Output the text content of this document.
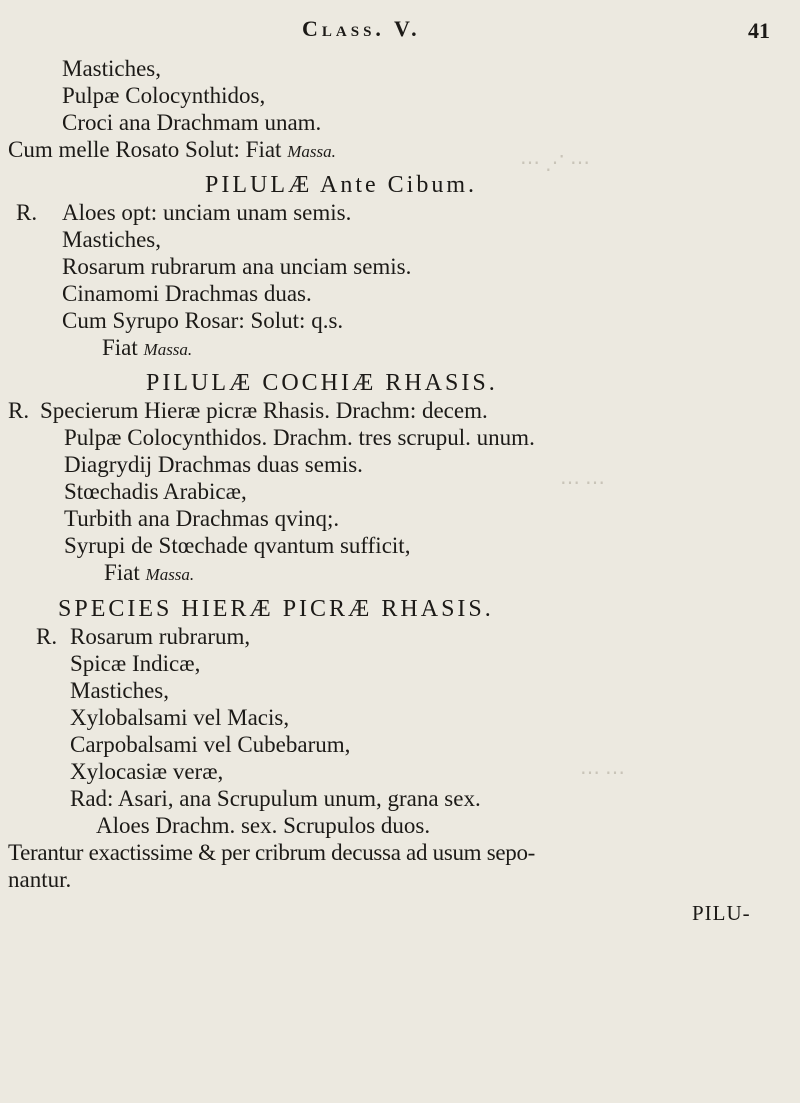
⋯ ⋰ ⋯
⋯ ⋯
⋯ ⋯
Class. V.	41
Mastiches,
Pulpæ Colocynthidos,
Croci ana Drachmam unam.
Cum melle Rosato Solut: Fiat Massa.
PILULÆ Ante Cibum.
R. Aloes opt: unciam unam semis.
Mastiches,
Rosarum rubrarum ana unciam semis.
Cinamomi Drachmas duas.
Cum Syrupo Rosar: Solut: q.s.
Fiat Massa.
PILULÆ COCHIÆ RHASIS.
R. Specierum Hieræ picræ Rhasis. Drachm: decem.
Pulpæ Colocynthidos. Drachm. tres scrupul. unum.
Diagrydij Drachmas duas semis.
Stœchadis Arabicæ,
Turbith ana Drachmas qvinq;.
Syrupi de Stœchade qvantum sufficit,
Fiat Massa.
SPECIES HIERÆ PICRÆ RHASIS.
R. Rosarum rubrarum,
Spicæ Indicæ,
Mastiches,
Xylobalsami vel Macis,
Carpobalsami vel Cubebarum,
Xylocasiæ veræ,
Rad: Asari, ana Scrupulum unum, grana sex.
Aloes Drachm. sex. Scrupulos duos.
Terantur exactissime & per cribrum decussa ad usum sepo-
nantur.
PILU-
